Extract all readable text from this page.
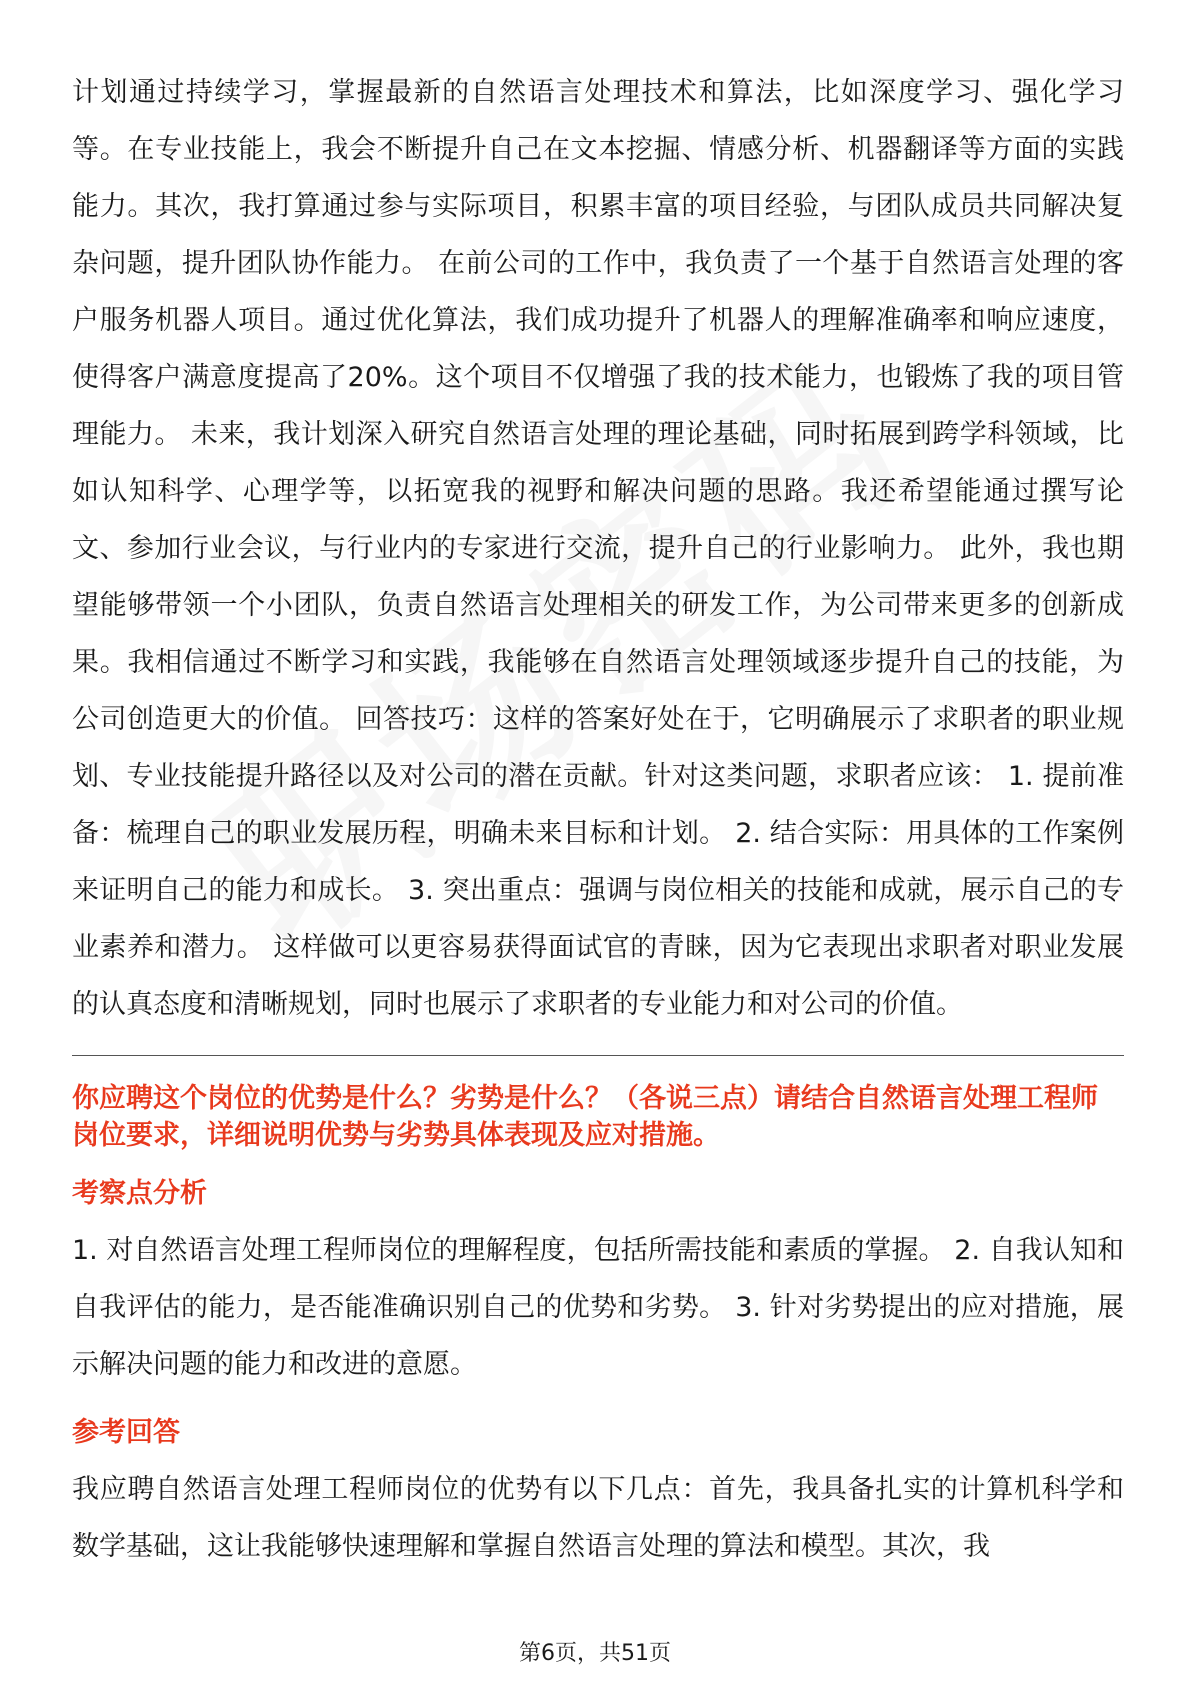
计划通过持续学习，掌握最新的自然语言处理技术和算法，比如深度学习、强化学习等。在专业技能上，我会不断提升自己在文本挖掘、情感分析、机器翻译等方面的实践能力。其次，我打算通过参与实际项目，积累丰富的项目经验，与团队成员共同解决复杂问题，提升团队协作能力。 在前公司的工作中，我负责了一个基于自然语言处理的客户服务机器人项目。通过优化算法，我们成功提升了机器人的理解准确率和响应速度，使得客户满意度提高了20%。这个项目不仅增强了我的技术能力，也锻炼了我的项目管理能力。 未来，我计划深入研究自然语言处理的理论基础，同时拓展到跨学科领域，比如认知科学、心理学等，以拓宽我的视野和解决问题的思路。我还希望能通过撰写论文、参加行业会议，与行业内的专家进行交流，提升自己的行业影响力。 此外，我也期望能够带领一个小团队，负责自然语言处理相关的研发工作，为公司带来更多的创新成果。我相信通过不断学习和实践，我能够在自然语言处理领域逐步提升自己的技能，为公司创造更大的价值。 回答技巧：这样的答案好处在于，它明确展示了求职者的职业规划、专业技能提升路径以及对公司的潜在贡献。针对这类问题，求职者应该： 1. 提前准备：梳理自己的职业发展历程，明确未来目标和计划。 2. 结合实际：用具体的工作案例来证明自己的能力和成长。 3. 突出重点：强调与岗位相关的技能和成就，展示自己的专业素养和潜力。 这样做可以更容易获得面试官的青睐，因为它表现出求职者对职业发展的认真态度和清晰规划，同时也展示了求职者的专业能力和对公司的价值。

你应聘这个岗位的优势是什么？劣势是什么？（各说三点）请结合自然语言处理工程师岗位要求，详细说明优势与劣势具体表现及应对措施。

考察点分析

1. 对自然语言处理工程师岗位的理解程度，包括所需技能和素质的掌握。 2. 自我认知和自我评估的能力，是否能准确识别自己的优势和劣势。 3. 针对劣势提出的应对措施，展示解决问题的能力和改进的意愿。

参考回答

我应聘自然语言处理工程师岗位的优势有以下几点：首先，我具备扎实的计算机科学和数学基础，这让我能够快速理解和掌握自然语言处理的算法和模型。其次，我

第6页，共51页
